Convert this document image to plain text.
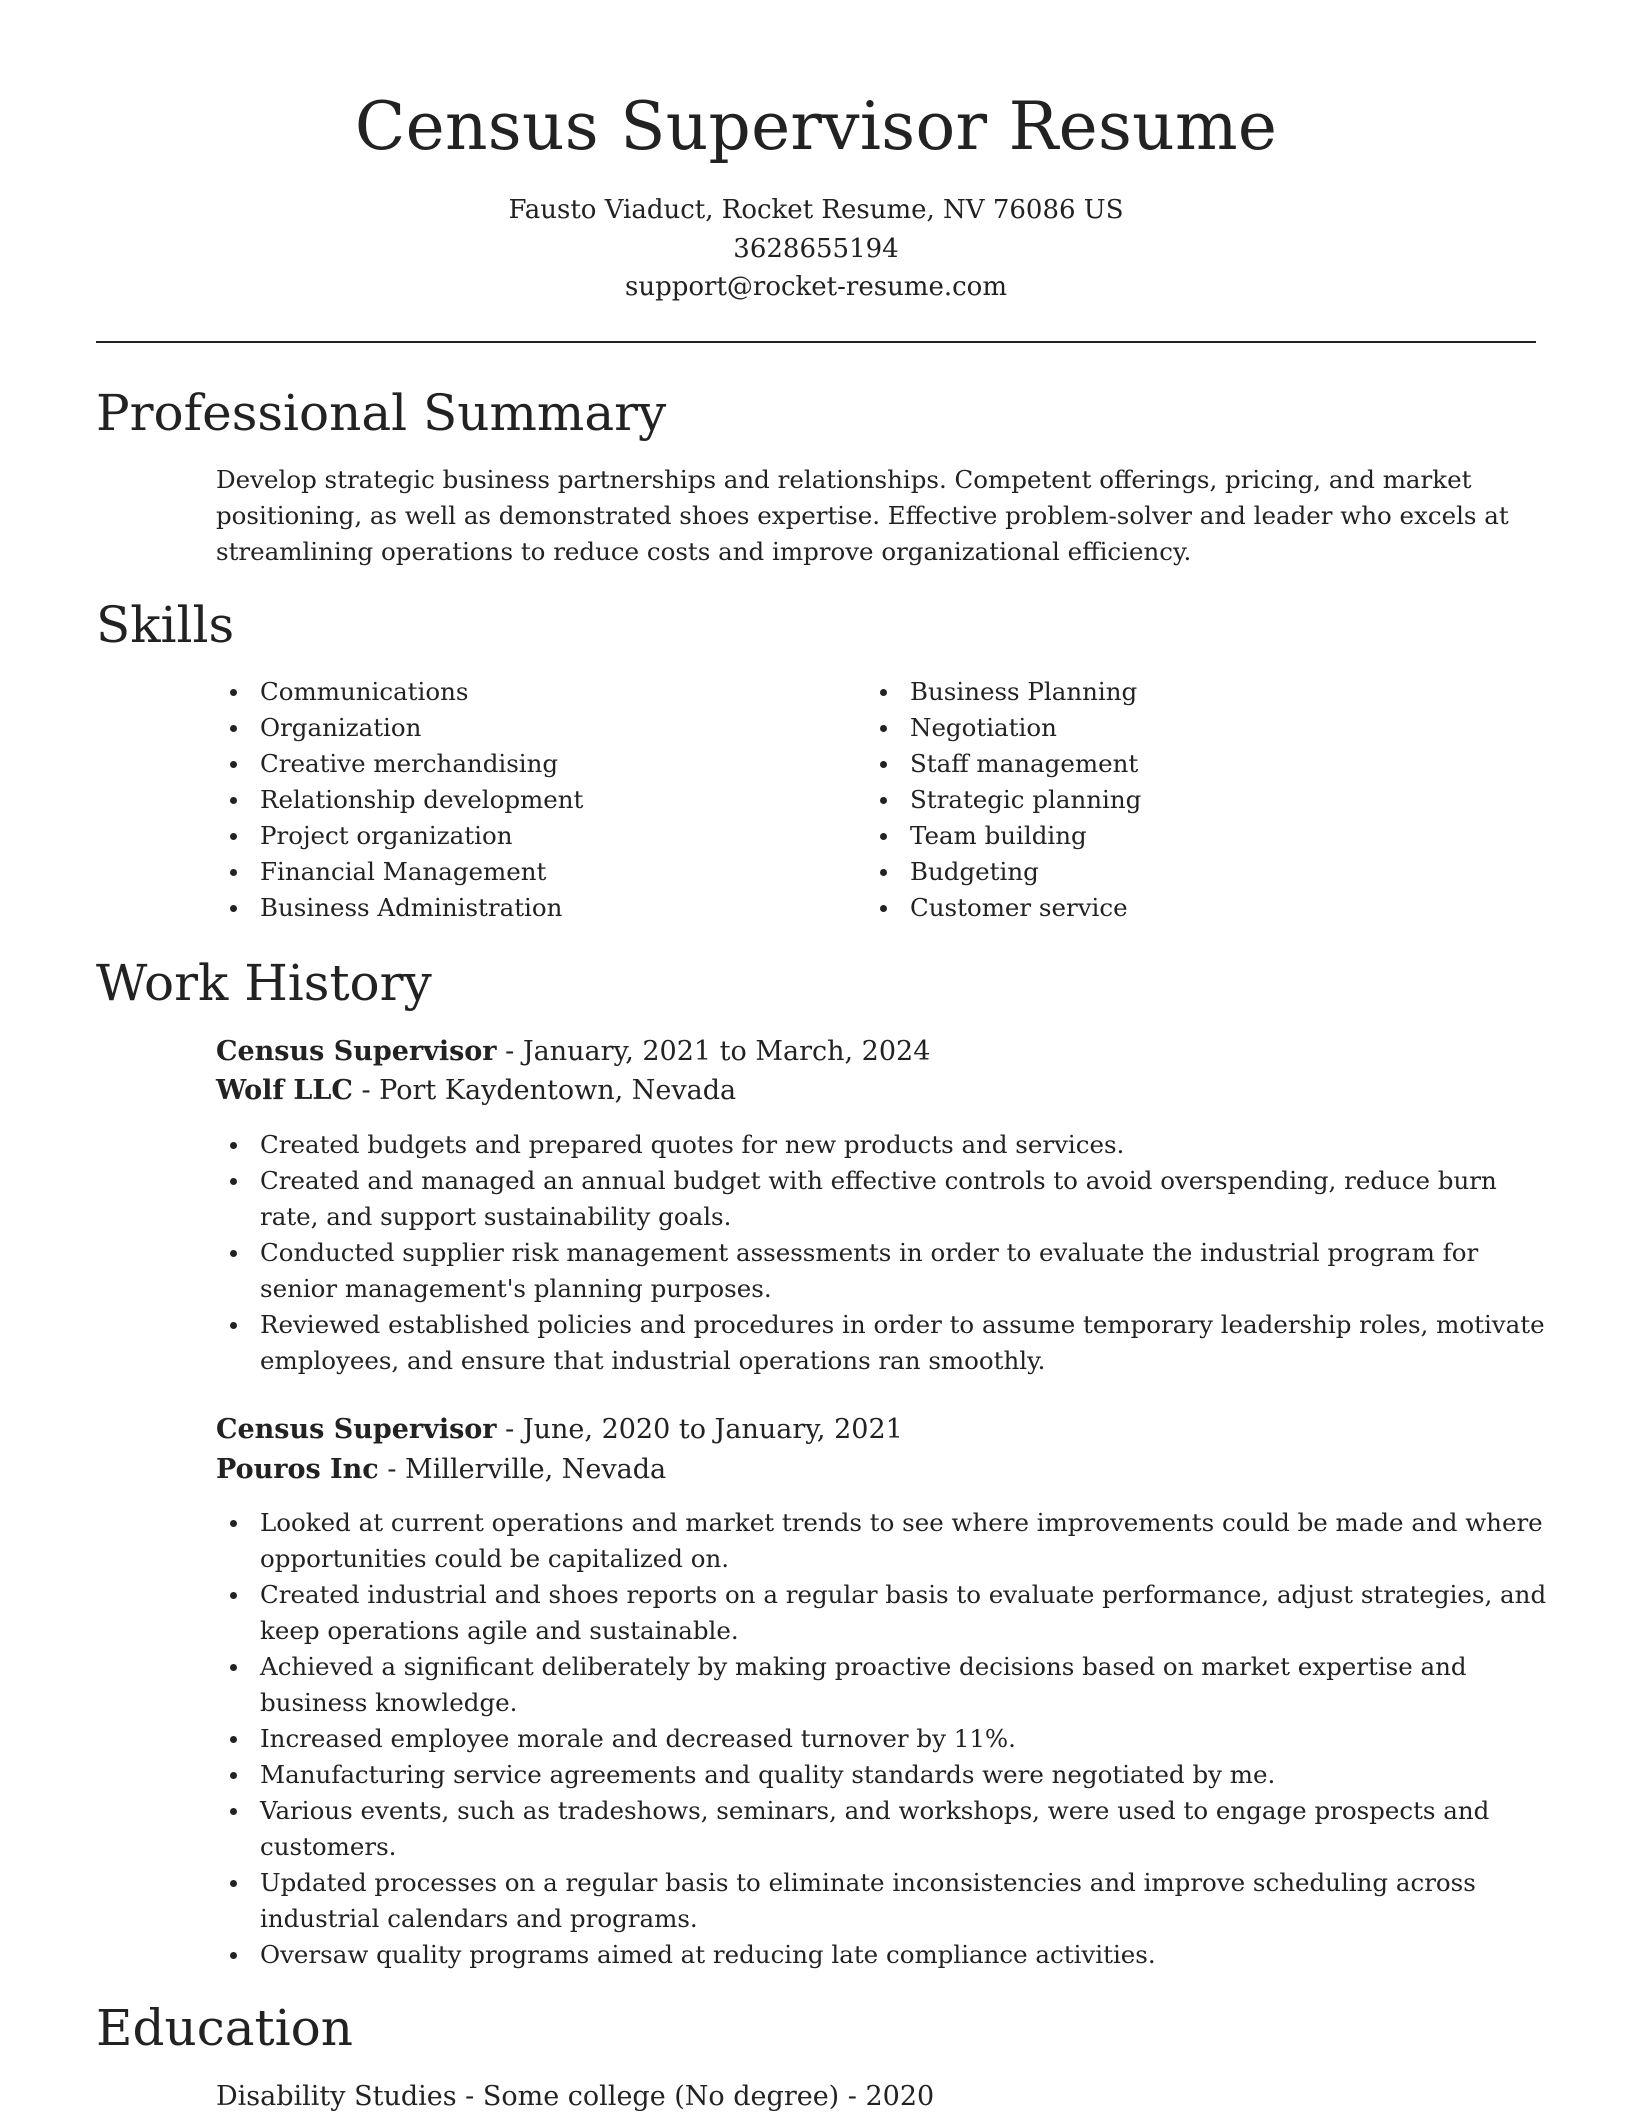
Census Supervisor Resume

Fausto Viaduct, Rocket Resume, NV 76086 US

3628655194

support@rocket-resume.com

Professional Summary

Develop strategic business partnerships and relationships. Competent offerings, pricing, and market positioning, as well as demonstrated shoes expertise. Effective problem-solver and leader who excels at streamlining operations to reduce costs and improve organizational efficiency.

Skills
Communications
Organization
Creative merchandising
Relationship development
Project organization
Financial Management
Business Administration
Business Planning
Negotiation
Staff management
Strategic planning
Team building
Budgeting
Customer service
Work History

Census Supervisor - January, 2021 to March, 2024

Wolf LLC - Port Kaydentown, Nevada

Created budgets and prepared quotes for new products and services.
Created and managed an annual budget with effective controls to avoid overspending, reduce burn rate, and support sustainability goals.
Conducted supplier risk management assessments in order to evaluate the industrial program for senior management's planning purposes.
Reviewed established policies and procedures in order to assume temporary leadership roles, motivate employees, and ensure that industrial operations ran smoothly.

Census Supervisor - June, 2020 to January, 2021

Pouros Inc - Millerville, Nevada

Looked at current operations and market trends to see where improvements could be made and where opportunities could be capitalized on.
Created industrial and shoes reports on a regular basis to evaluate performance, adjust strategies, and keep operations agile and sustainable.
Achieved a significant deliberately by making proactive decisions based on market expertise and business knowledge.
Increased employee morale and decreased turnover by 11%.
Manufacturing service agreements and quality standards were negotiated by me.
Various events, such as tradeshows, seminars, and workshops, were used to engage prospects and customers.
Updated processes on a regular basis to eliminate inconsistencies and improve scheduling across industrial calendars and programs.
Oversaw quality programs aimed at reducing late compliance activities.
Education

Disability Studies - Some college (No degree) - 2020
